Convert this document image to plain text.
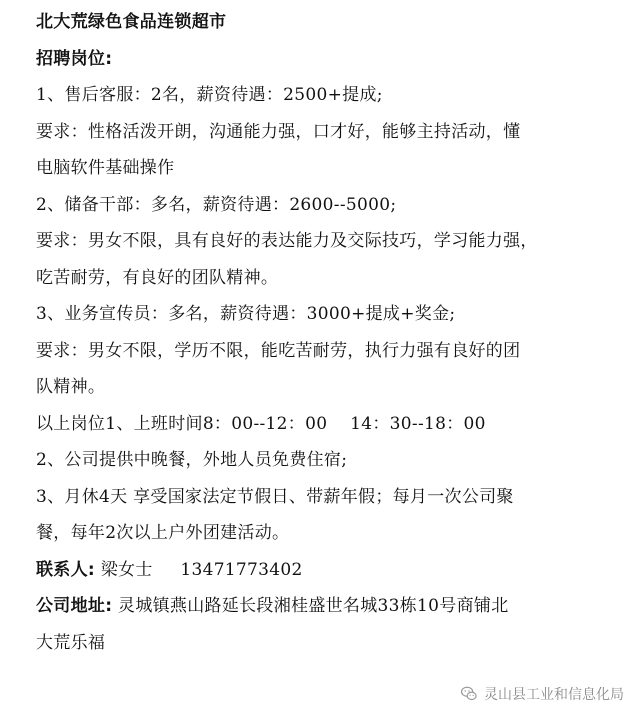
北大荒绿色食品连锁超市
招聘岗位:
1、售后客服：2名，薪资待遇：2500+提成;
要求：性格活泼开朗，沟通能力强，口才好，能够主持活动，懂
电脑软件基础操作
2、储备干部：多名，薪资待遇：2600--5000;
要求：男女不限，具有良好的表达能力及交际技巧，学习能力强，
吃苦耐劳，有良好的团队精神。
3、业务宣传员：多名，薪资待遇：3000+提成+奖金;
要求：男女不限，学历不限，能吃苦耐劳，执行力强有良好的团
队精神。
以上岗位1、上班时间8：00--12：00    14：30--18：00
2、公司提供中晚餐，外地人员免费住宿;
3、月休4天 享受国家法定节假日、带薪年假；每月一次公司聚
餐，每年2次以上户外团建活动。
联系人: 梁女士 13471773402
公司地址: 灵城镇燕山路延长段湘桂盛世名城33栋10号商铺北
大荒乐福
灵山县工业和信息化局
